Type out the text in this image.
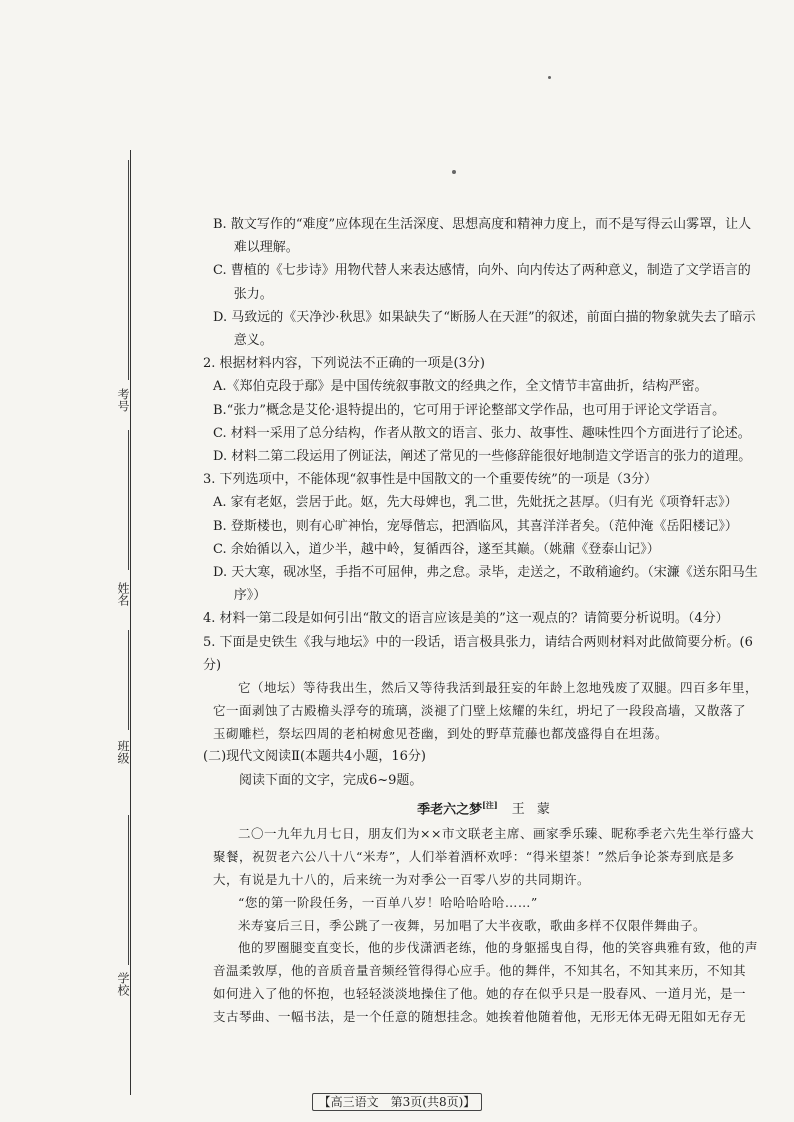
考号
姓名
班级
学校

B. 散文写作的“难度”应体现在生活深度、思想高度和精神力度上，而不是写得云山雾罩，让人难以理解。

C. 曹植的《七步诗》用物代替人来表达感情，向外、向内传达了两种意义，制造了文学语言的张力。

D. 马致远的《天净沙·秋思》如果缺失了“断肠人在天涯”的叙述，前面白描的物象就失去了暗示意义。

2. 根据材料内容，下列说法不正确的一项是(3分)

A.《郑伯克段于鄢》是中国传统叙事散文的经典之作，全文情节丰富曲折，结构严密。

B.“张力”概念是艾伦·退特提出的，它可用于评论整部文学作品，也可用于评论文学语言。

C. 材料一采用了总分结构，作者从散文的语言、张力、故事性、趣味性四个方面进行了论述。

D. 材料二第二段运用了例证法，阐述了常见的一些修辞能很好地制造文学语言的张力的道理。

3. 下列选项中，不能体现“叙事性是中国散文的一个重要传统”的一项是（3分）

A. 家有老妪，尝居于此。妪，先大母婢也，乳二世，先妣抚之甚厚。（归有光《项脊轩志》）

B. 登斯楼也，则有心旷神怡，宠辱偕忘，把酒临风，其喜洋洋者矣。（范仲淹《岳阳楼记》）

C. 余始循以入，道少半，越中岭，复循西谷，遂至其巅。（姚鼐《登泰山记》）

D. 天大寒，砚冰坚，手指不可屈伸，弗之怠。录毕，走送之，不敢稍逾约。（宋濂《送东阳马生序》）

4. 材料一第二段是如何引出“散文的语言应该是美的”这一观点的？请简要分析说明。（4分）

5. 下面是史铁生《我与地坛》中的一段话，语言极具张力，请结合两则材料对此做简要分析。(6分)

它（地坛）等待我出生，然后又等待我活到最狂妄的年龄上忽地残废了双腿。四百多年里，它一面剥蚀了古殿檐头浮夸的琉璃，淡褪了门壁上炫耀的朱红，坍圮了一段段高墙，又散落了玉砌雕栏，祭坛四周的老柏树愈见苍幽，到处的野草荒藤也都茂盛得自在坦荡。

(二)现代文阅读Ⅱ(本题共4小题，16分)

阅读下面的文字，完成6~9题。

季老六之梦[注] 王 蒙

二〇一九年九月七日，朋友们为××市文联老主席、画家季乐臻、昵称季老六先生举行盛大聚餐，祝贺老六公八十八“米寿”，人们举着酒杯欢呼：“得米望茶！”然后争论茶寿到底是多大，有说是九十八的，后来统一为对季公一百零八岁的共同期许。

“您的第一阶段任务，一百单八岁！哈哈哈哈哈……”

米寿宴后三日，季公跳了一夜舞，另加唱了大半夜歌，歌曲多样不仅限伴舞曲子。

他的罗圈腿变直变长，他的步伐潇洒老练，他的身躯摇曳自得，他的笑容典雅有致，他的声音温柔敦厚，他的音质音量音频经管得得心应手。他的舞伴，不知其名，不知其来历，不知其如何进入了他的怀抱，也轻轻淡淡地操住了他。她的存在似乎只是一股春风、一道月光，是一支古琴曲、一幅书法，是一个任意的随想挂念。她挨着他随着他，无形无体无碍无阻如无存无

【高三语文　第3页(共8页)】
